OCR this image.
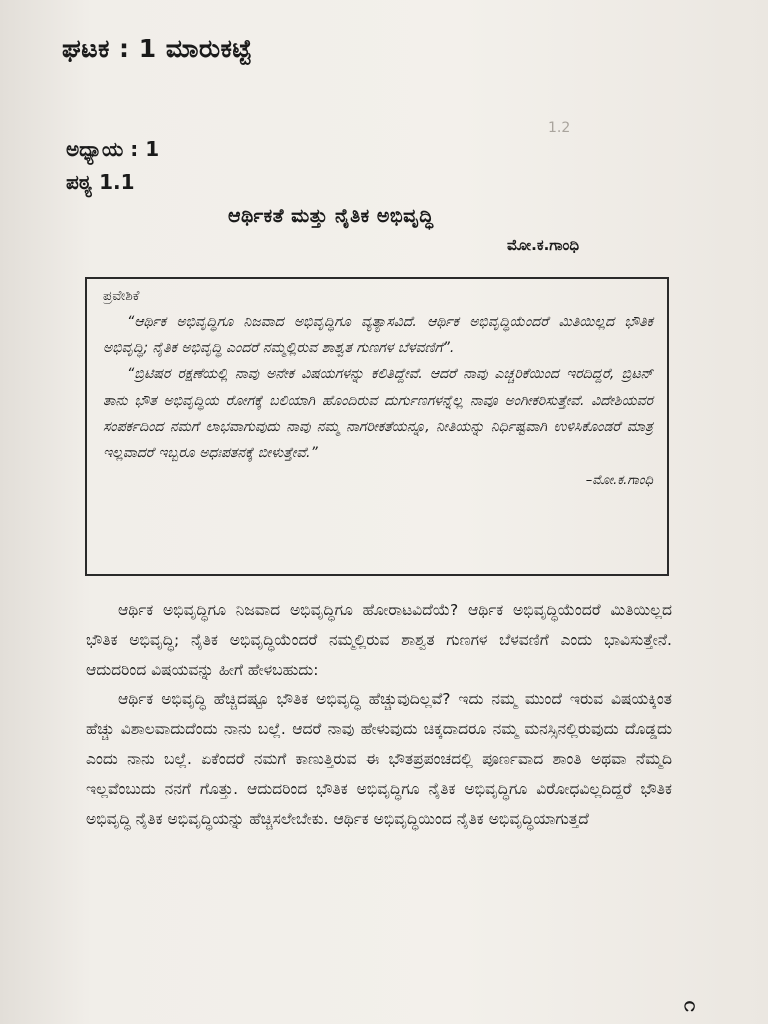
ಘಟಕ : 1 ಮಾರುಕಟ್ಟೆ
1.2
ಅಧ್ಯಾಯ : 1
ಪಠ್ಯ 1.1
ಆರ್ಥಿಕತೆ ಮತ್ತು ನೈತಿಕ ಅಭಿವೃದ್ಧಿ
ಮೋ.ಕ.ಗಾಂಧಿ
ಪ್ರವೇಶಿಕೆ

“ಆರ್ಥಿಕ ಅಭಿವೃದ್ಧಿಗೂ ನಿಜವಾದ ಅಭಿವೃದ್ಧಿಗೂ ವ್ಯತ್ಯಾಸವಿದೆ. ಆರ್ಥಿಕ ಅಭಿವೃದ್ಧಿಯೆಂದರೆ ಮಿತಿಯಿಲ್ಲದ ಭೌತಿಕ ಅಭಿವೃದ್ಧಿ; ನೈತಿಕ ಅಭಿವೃದ್ಧಿ ಎಂದರೆ ನಮ್ಮಲ್ಲಿರುವ ಶಾಶ್ವತ ಗುಣಗಳ ಬೆಳವಣಿಗೆ”.

“ಬ್ರಿಟಿಷರ ರಕ್ಷಣೆಯಲ್ಲಿ ನಾವು ಅನೇಕ ವಿಷಯಗಳನ್ನು ಕಲಿತಿದ್ದೇವೆ. ಆದರೆ ನಾವು ಎಚ್ಚರಿಕೆಯಿಂದ ಇರದಿದ್ದರೆ, ಬ್ರಿಟನ್ ತಾನು ಭೌತ ಅಭಿವೃದ್ಧಿಯ ರೋಗಕ್ಕೆ ಬಲಿಯಾಗಿ ಹೊಂದಿರುವ ದುರ್ಗುಣಗಳನ್ನೆಲ್ಲ ನಾವೂ ಅಂಗೀಕರಿಸುತ್ತೇವೆ. ವಿದೇಶಿಯವರ ಸಂಪರ್ಕದಿಂದ ನಮಗೆ ಲಾಭವಾಗುವುದು ನಾವು ನಮ್ಮ ನಾಗರೀಕತೆಯನ್ನೂ, ನೀತಿಯನ್ನು ನಿರ್ಧಿಷ್ಟವಾಗಿ ಉಳಿಸಿಕೊಂಡರೆ ಮಾತ್ರ ಇಲ್ಲವಾದರೆ ಇಬ್ಬರೂ ಅಧಃಪತನಕ್ಕೆ ಬೀಳುತ್ತೇವೆ.”

–ಮೋ.ಕ.ಗಾಂಧಿ

ಆರ್ಥಿಕ ಅಭಿವೃದ್ಧಿಗೂ ನಿಜವಾದ ಅಭಿವೃದ್ಧಿಗೂ ಹೋರಾಟವಿದೆಯೆ? ಆರ್ಥಿಕ ಅಭಿವೃದ್ಧಿಯೆಂದರೆ ಮಿತಿಯಿಲ್ಲದ ಭೌತಿಕ ಅಭಿವೃದ್ಧಿ; ನೈತಿಕ ಅಭಿವೃದ್ಧಿಯೆಂದರೆ ನಮ್ಮಲ್ಲಿರುವ ಶಾಶ್ವತ ಗುಣಗಳ ಬೆಳವಣಿಗೆ ಎಂದು ಭಾವಿಸುತ್ತೇನೆ. ಆದುದರಿಂದ ವಿಷಯವನ್ನು ಹೀಗೆ ಹೇಳಬಹುದು:

ಆರ್ಥಿಕ ಅಭಿವೃದ್ಧಿ ಹೆಚ್ಚಿದಷ್ಟೂ ಭೌತಿಕ ಅಭಿವೃದ್ಧಿ ಹೆಚ್ಚುವುದಿಲ್ಲವೆ? ಇದು ನಮ್ಮ ಮುಂದೆ ಇರುವ ವಿಷಯಕ್ಕಿಂತ ಹೆಚ್ಚು ವಿಶಾಲವಾದುದೆಂದು ನಾನು ಬಲ್ಲೆ. ಆದರೆ ನಾವು ಹೇಳುವುದು ಚಿಕ್ಕದಾದರೂ ನಮ್ಮ ಮನಸ್ಸಿನಲ್ಲಿರುವುದು ದೊಡ್ಡದು ಎಂದು ನಾನು ಬಲ್ಲೆ. ಏಕೆಂದರೆ ನಮಗೆ ಕಾಣುತ್ತಿರುವ ಈ ಭೌತಪ್ರಪಂಚದಲ್ಲಿ ಪೂರ್ಣವಾದ ಶಾಂತಿ ಅಥವಾ ನೆಮ್ಮದಿ ಇಲ್ಲವೆಂಬುದು ನನಗೆ ಗೊತ್ತು. ಆದುದರಿಂದ ಭೌತಿಕ ಅಭಿವೃದ್ಧಿಗೂ ನೈತಿಕ ಅಭಿವೃದ್ಧಿಗೂ ವಿರೋಧವಿಲ್ಲದಿದ್ದರೆ ಭೌತಿಕ ಅಭಿವೃದ್ಧಿ ನೈತಿಕ ಅಭಿವೃದ್ಧಿಯನ್ನು ಹೆಚ್ಚಿಸಲೇಬೇಕು. ಆರ್ಥಿಕ ಅಭಿವೃದ್ಧಿಯಿಂದ ನೈತಿಕ ಅಭಿವೃದ್ಧಿಯಾಗುತ್ತದೆ

೧
